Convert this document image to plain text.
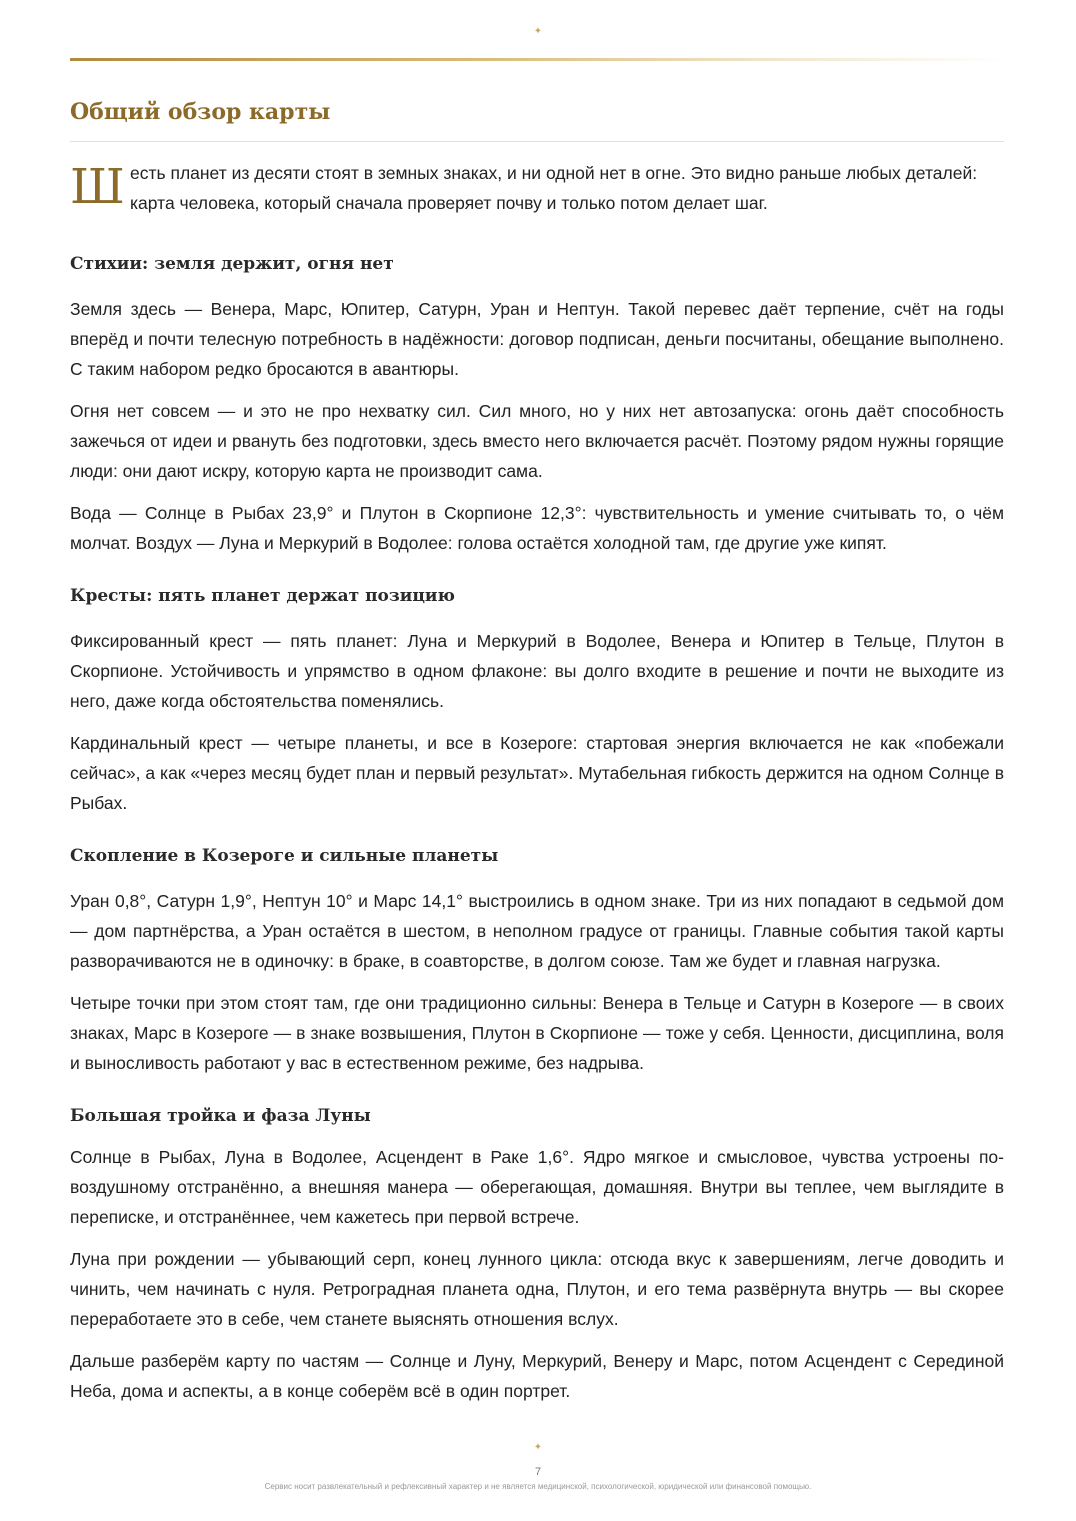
✦
Общий обзор карты
Ш есть планет из десяти стоят в земных знаках, и ни одной нет в огне. Это видно раньше любых деталей: карта человека, который сначала проверяет почву и только потом делает шаг.

Стихии: земля держит, огня нет

Земля здесь — Венера, Марс, Юпитер, Сатурн, Уран и Нептун. Такой перевес даёт терпение, счёт на годы вперёд и почти телесную потребность в надёжности: договор подписан, деньги посчитаны, обещание выполнено. С таким набором редко бросаются в авантюры.

Огня нет совсем — и это не про нехватку сил. Сил много, но у них нет автозапуска: огонь даёт способность зажечься от идеи и рвануть без подготовки, здесь вместо него включается расчёт. Поэтому рядом нужны горящие люди: они дают искру, которую карта не производит сама.

Вода — Солнце в Рыбах 23,9° и Плутон в Скорпионе 12,3°: чувствительность и умение считывать то, о чём молчат. Воздух — Луна и Меркурий в Водолее: голова остаётся холодной там, где другие уже кипят.

Кресты: пять планет держат позицию

Фиксированный крест — пять планет: Луна и Меркурий в Водолее, Венера и Юпитер в Тельце, Плутон в Скорпионе. Устойчивость и упрямство в одном флаконе: вы долго входите в решение и почти не выходите из него, даже когда обстоятельства поменялись.

Кардинальный крест — четыре планеты, и все в Козероге: стартовая энергия включается не как «побежали сейчас», а как «через месяц будет план и первый результат». Мутабельная гибкость держится на одном Солнце в Рыбах.

Скопление в Козероге и сильные планеты

Уран 0,8°, Сатурн 1,9°, Нептун 10° и Марс 14,1° выстроились в одном знаке. Три из них попадают в седьмой дом — дом партнёрства, а Уран остаётся в шестом, в неполном градусе от границы. Главные события такой карты разворачиваются не в одиночку: в браке, в соавторстве, в долгом союзе. Там же будет и главная нагрузка.

Четыре точки при этом стоят там, где они традиционно сильны: Венера в Тельце и Сатурн в Козероге — в своих знаках, Марс в Козероге — в знаке возвышения, Плутон в Скорпионе — тоже у себя. Ценности, дисциплина, воля и выносливость работают у вас в естественном режиме, без надрыва.

Большая тройка и фаза Луны

Солнце в Рыбах, Луна в Водолее, Асцендент в Раке 1,6°. Ядро мягкое и смысловое, чувства устроены по-воздушному отстранённо, а внешняя манера — оберегающая, домашняя. Внутри вы теплее, чем выглядите в переписке, и отстранённее, чем кажетесь при первой встрече.

Луна при рождении — убывающий серп, конец лунного цикла: отсюда вкус к завершениям, легче доводить и чинить, чем начинать с нуля. Ретроградная планета одна, Плутон, и его тема развёрнута внутрь — вы скорее переработаете это в себе, чем станете выяснять отношения вслух.

Дальше разберём карту по частям — Солнце и Луну, Меркурий, Венеру и Марс, потом Асцендент с Серединой Неба, дома и аспекты, а в конце соберём всё в один портрет.

✦
7
Сервис носит развлекательный и рефлексивный характер и не является медицинской, психологической, юридической или финансовой помощью.
